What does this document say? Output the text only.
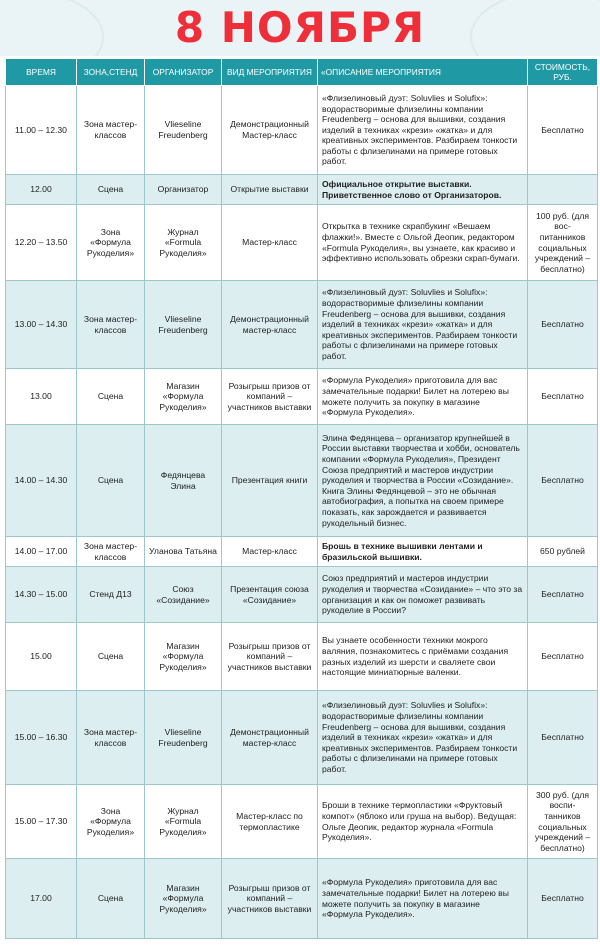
8 НОЯБРЯ
ВРЕМЯ	ЗОНА,СТЕНД	ОРГАНИЗАТОР	ВИД МЕРОПРИЯТИЯ	«ОПИСАНИЕ МЕРОПРИЯТИЯ	СТОИМОСТЬ, РУБ.
11.00 – 12.30	Зона мастер-классов	Vlieseline Freudenberg	Демонстрационный Мастер-класс	«Флизелиновый дуэт: Soluvlies и Solufix»: водорастворимые флизелины компании Freudenberg – основа для вышивки, создания изделий в техниках «крези» «жатка» и для креативных экспериментов. Разбираем тонкости работы с флизелинами на примере готовых работ.	Бесплатно
12.00	Сцена	Организатор	Открытие выставки	Официальное открытие выставки. Приветственное слово от Организаторов.	
12.20 – 13.50	Зона «Формула Рукоделия»	Журнал «Formula Рукоделия»	Мастер-класс	Открытка в технике скрапбукинг «Вешаем флажки!». Вместе с Ольгой Деопик, редактором «Formula Рукоделия», вы узнаете, как красиво и эффективно использовать обрезки скрап-бумаги.	100 руб. (для вос-питанников социальных учреждений – бесплатно)
13.00 – 14.30	Зона мастер-классов	Vlieseline Freudenberg	Демонстрационный мастер-класс	«Флизелиновый дуэт: Soluvlies и Solufix»: водорастворимые флизелины компании Freudenberg – основа для вышивки, создания изделий в техниках «крези» «жатка» и для креативных экспериментов. Разбираем тонкости работы с флизелинами на примере готовых работ.	Бесплатно
13.00	Сцена	Магазин «Формула Рукоделия»	Розыгрыш призов от компаний – участников выставки	«Формула Рукоделия» приготовила для вас замечательные подарки! Билет на лотерею вы можете получить за покупку в магазине «Формула Рукоделия».	Бесплатно
14.00 – 14.30	Сцена	Федянцева Элина	Презентация книги	Элина Федянцева – организатор крупнейшей в России выставки творчества и хобби, основатель компании «Формула Рукоделия», Президент Союза предприятий и мастеров индустрии рукоделия и творчества в России «Созидание». Книга Элины Федянцевой – это не обычная автобиография, а попытка на своем примере показать, как зарождается и развивается рукодельный бизнес.	Бесплатно
14.00 – 17.00	Зона мастер-классов	Уланова Татьяна	Мастер-класс	Брошь в технике вышивки лентами и бразильской вышивки.	650 рублей
14.30 – 15.00	Стенд Д13	Союз «Созидание»	Презентация союза «Созидание»	Союз предприятий и мастеров индустрии рукоделия и творчества «Созидание» – что это за организация и как он поможет развивать рукоделие в России?	Бесплатно
15.00	Сцена	Магазин «Формула Рукоделия»	Розыгрыш призов от компаний – участников выставки	Вы узнаете особенности техники мокрого валяния, познакомитесь с приёмами создания разных изделий из шерсти и сваляете свои настоящие миниатюрные валенки.	Бесплатно
15.00 – 16.30	Зона мастер-классов	Vlieseline Freudenberg	Демонстрационный мастер-класс	«Флизелиновый дуэт: Soluvlies и Solufix»: водорастворимые флизелины компании Freudenberg – основа для вышивки, создания изделий в техниках «крези» «жатка» и для креативных экспериментов. Разбираем тонкости работы с флизелинами на примере готовых работ.	Бесплатно
15.00 – 17.30	Зона «Формула Рукоделия»	Журнал «Formula Рукоделия»	Мастер-класс по термопластике	Броши в технике термопластики «Фруктовый компот» (яблоко или груша на выбор). Ведущая: Ольге Деопик, редактор журнала «Formula Рукоделия».	300 руб. (для воспи-танников социальных учреждений – бесплатно)
17.00	Сцена	Магазин «Формула Рукоделия»	Розыгрыш призов от компаний – участников выставки	«Формула Рукоделия» приготовила для вас замечательные подарки! Билет на лотерею вы можете получить за покупку в магазине «Формула Рукоделия».	Бесплатно
